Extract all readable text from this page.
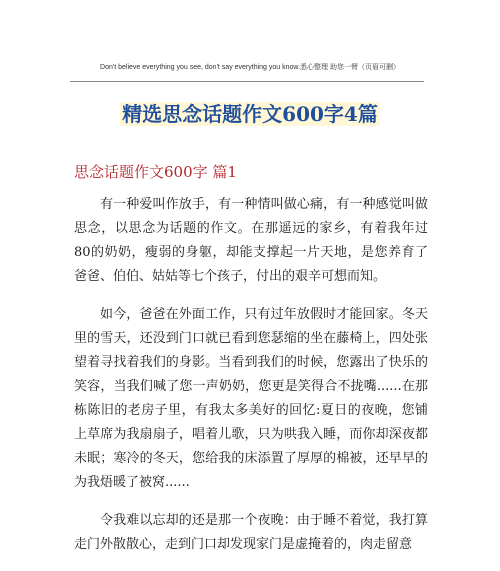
Don't believe everything you see, don't say everything you know.悉心整理 助您一臂（页眉可删）
精选思念话题作文600字4篇
思念话题作文600字 篇1

有一种爱叫作放手，有一种情叫做心痛，有一种感觉叫做思念，以思念为话题的作文。在那遥远的家乡，有着我年过80的奶奶，瘦弱的身躯，却能支撑起一片天地，是您养育了爸爸、伯伯、姑姑等七个孩子，付出的艰辛可想而知。

如今，爸爸在外面工作，只有过年放假时才能回家。冬天里的雪天，还没到门口就已看到您瑟缩的坐在藤椅上，四处张望着寻找着我们的身影。当看到我们的时候，您露出了快乐的笑容，当我们喊了您一声奶奶，您更是笑得合不拢嘴......在那栋陈旧的老房子里，有我太多美好的回忆:夏日的夜晚，您铺上草席为我扇扇子，唱着儿歌，只为哄我入睡，而你却深夜都未眠；寒冷的冬天，您给我的床添置了厚厚的棉被，还早早的为我焐暖了被窝......

令我难以忘却的还是那一个夜晚：由于睡不着觉，我打算走门外散散心，走到门口却发现家门是虚掩着的，肉走留意
